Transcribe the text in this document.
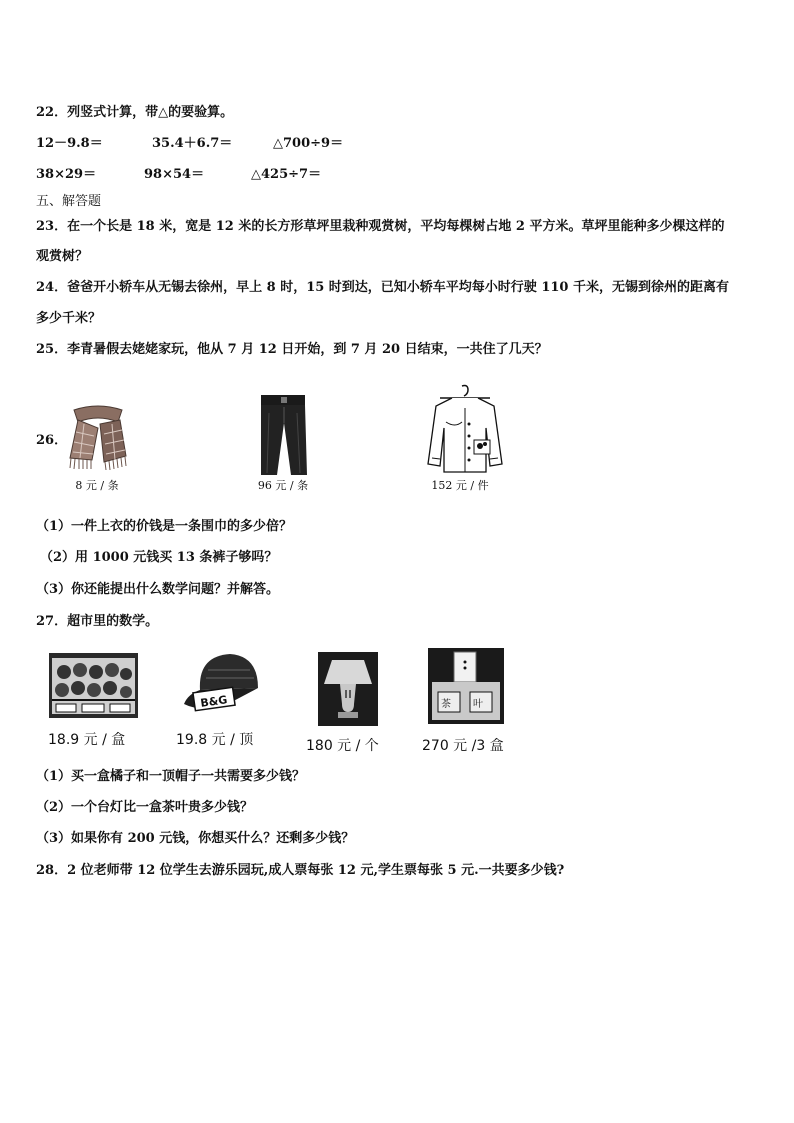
22．列竖式计算，带△的要验算。
12－9.8＝	35.4＋6.7＝	△700÷9＝
38×29＝	98×54＝	△425÷7＝
五、解答题
23．在一个长是 18 米，宽是 12 米的长方形草坪里栽种观赏树，平均每棵树占地 2 平方米。草坪里能种多少棵这样的
观赏树？
24．爸爸开小轿车从无锡去徐州，早上 8 时，15 时到达，已知小轿车平均每小时行驶 110 千米，无锡到徐州的距离有
多少千米？
25．李青暑假去姥姥家玩，他从 7 月 12 日开始，到 7 月 20 日结束，一共住了几天？
26．
8 元 / 条	96 元 / 条	152 元 / 件
（1）一件上衣的价钱是一条围巾的多少倍？
（2）用 1000 元钱买 13 条裤子够吗？
（3）你还能提出什么数学问题？并解答。
27．超市里的数学。
18.9 元 / 盒
B&G
19.8 元 / 顶	180 元 / 个
茶 叶
270 元 /3 盒
（1）买一盒橘子和一顶帽子一共需要多少钱？
（2）一个台灯比一盒茶叶贵多少钱？
（3）如果你有 200 元钱，你想买什么？还剩多少钱？
28．2 位老师带 12 位学生去游乐园玩,成人票每张 12 元,学生票每张 5 元.一共要多少钱?
